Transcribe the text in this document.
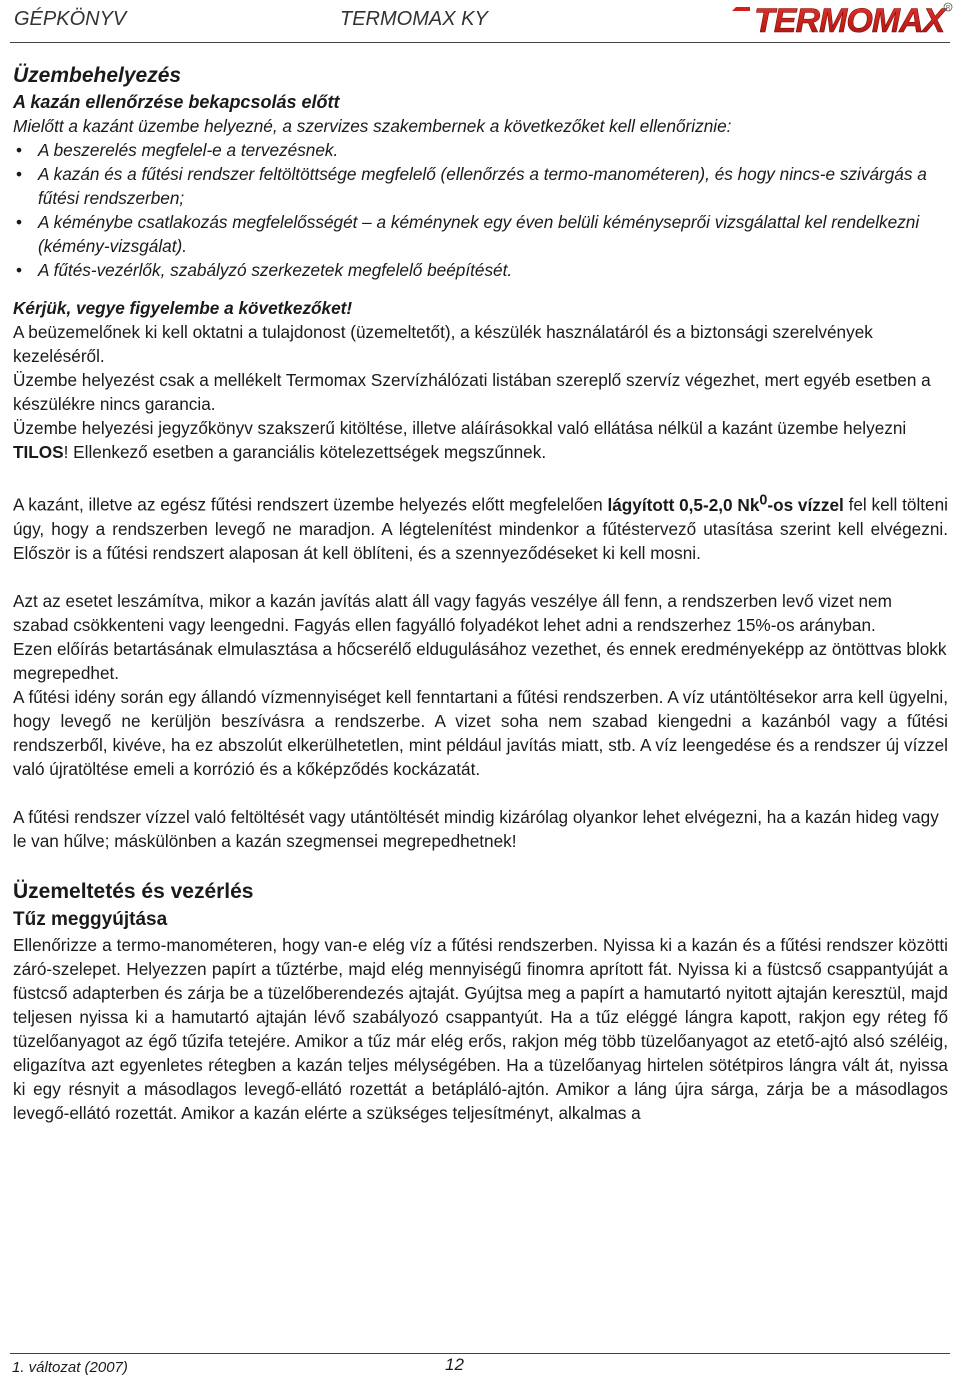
GÉPKÖNYV	TERMOMAX KY	TERMOMAX R
Üzembehelyezés
A kazán ellenőrzése bekapcsolás előtt

Mielőtt a kazánt üzembe helyezné, a szervizes szakembernek a következőket kell ellenőriznie:

• A beszerelés megfelel-e a tervezésnek.
• A kazán és a fűtési rendszer feltöltöttsége megfelelő (ellenőrzés a termo-manométeren), és hogy nincs-e szivárgás a fűtési rendszerben;
• A kéménybe csatlakozás megfelelősségét – a kéménynek egy éven belüli kéményseprői vizsgálattal kel rendelkezni (kémény-vizsgálat).
• A fűtés-vezérlők, szabályzó szerkezetek megfelelő beépítését.

Kérjük, vegye figyelembe a következőket!

A beüzemelőnek ki kell oktatni a tulajdonost (üzemeltetőt), a készülék használatáról és a biztonsági szerelvények kezeléséről.

Üzembe helyezést csak a mellékelt Termomax Szervízhálózati listában szereplő szervíz végezhet, mert egyéb esetben a készülékre nincs garancia.

Üzembe helyezési jegyzőkönyv szakszerű kitöltése, illetve aláírásokkal való ellátása nélkül a kazánt üzembe helyezni TILOS! Ellenkező esetben a garanciális kötelezettségek megszűnnek.

A kazánt, illetve az egész fűtési rendszert üzembe helyezés előtt megfelelően lágyított 0,5-2,0 Nk$^0$-os vízzel fel kell tölteni úgy, hogy a rendszerben levegő ne maradjon. A légtelenítést mindenkor a fűtéstervező utasítása szerint kell elvégezni. Először is a fűtési rendszert alaposan át kell öblíteni, és a szennyeződéseket ki kell mosni.

Azt az esetet leszámítva, mikor a kazán javítás alatt áll vagy fagyás veszélye áll fenn, a rendszerben levő vizet nem szabad csökkenteni vagy leengedni. Fagyás ellen fagyálló folyadékot lehet adni a rendszerhez 15%-os arányban.

Ezen előírás betartásának elmulasztása a hőcserélő eldugulásához vezethet, és ennek eredményeképp az öntöttvas blokk megrepedhet.

A fűtési idény során egy állandó vízmennyiséget kell fenntartani a fűtési rendszerben. A víz utántöltésekor arra kell ügyelni, hogy levegő ne kerüljön beszívásra a rendszerbe. A vizet soha nem szabad kiengedni a kazánból vagy a fűtési rendszerből, kivéve, ha ez abszolút elkerülhetetlen, mint például javítás miatt, stb. A víz leengedése és a rendszer új vízzel való újratöltése emeli a korrózió és a kőképződés kockázatát.

A fűtési rendszer vízzel való feltöltését vagy utántöltését mindig kizárólag olyankor lehet elvégezni, ha a kazán hideg vagy le van hűlve; máskülönben a kazán szegmensei megrepedhetnek!

Üzemeltetés és vezérlés
Tűz meggyújtása

Ellenőrizze a termo-manométeren, hogy van-e elég víz a fűtési rendszerben. Nyissa ki a kazán és a fűtési rendszer közötti záró-szelepet. Helyezzen papírt a tűztérbe, majd elég mennyiségű finomra aprított fát. Nyissa ki a füstcső csappantyúját a füstcső adapterben és zárja be a tüzelőberendezés ajtaját. Gyújtsa meg a papírt a hamutartó nyitott ajtaján keresztül, majd teljesen nyissa ki a hamutartó ajtaján lévő szabályozó csappantyút. Ha a tűz eléggé lángra kapott, rakjon egy réteg fő tüzelőanyagot az égő tűzifa tetejére. Amikor a tűz már elég erős, rakjon még több tüzelőanyagot az etető-ajtó alsó széléig, eligazítva azt egyenletes rétegben a kazán teljes mélységében. Ha a tüzelőanyag hirtelen sötétpiros lángra vált át, nyissa ki egy résnyit a másodlagos levegő-ellátó rozettát a betápláló-ajtón. Amikor a láng újra sárga, zárja be a másodlagos levegő-ellátó rozettát. Amikor a kazán elérte a szükséges teljesítményt, alkalmas a

1. változat (2007)	12
